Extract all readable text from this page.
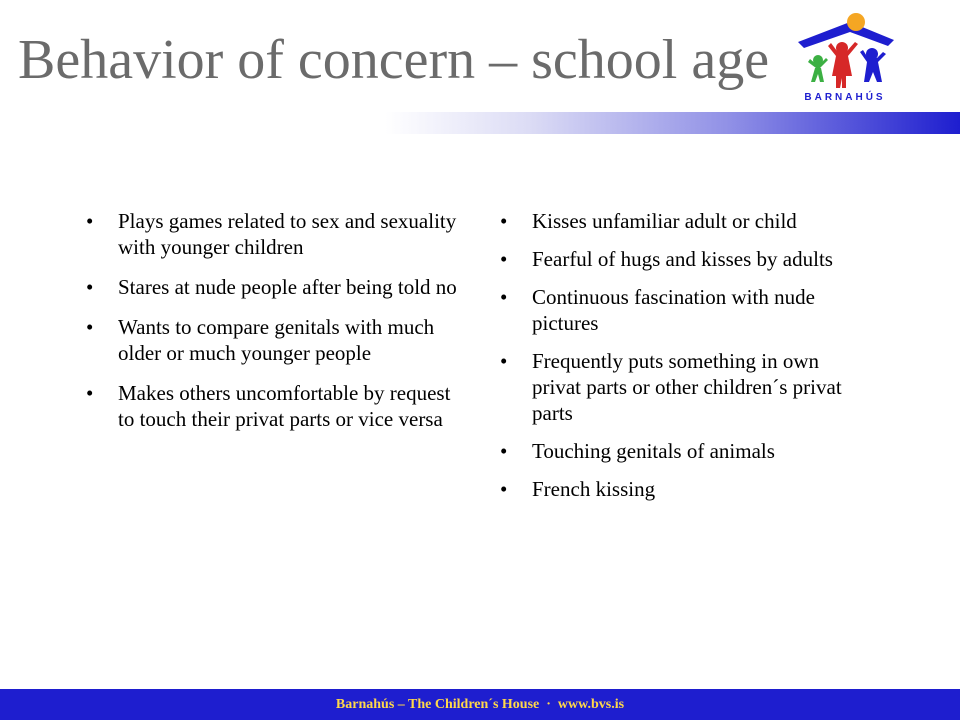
Behavior of concern – school age
BARNAHÚS
• Plays games related to sex and sexuality with younger children
• Stares at nude people after being told no
• Wants to compare genitals with much older or much younger people
• Makes others uncomfortable by request to touch their privat parts or vice versa
• Kisses unfamiliar adult or child
• Fearful of hugs and kisses by adults
• Continuous fascination with nude pictures
• Frequently puts something in own privat parts or other children´s privat parts
• Touching genitals of animals
• French kissing
Barnahús – The Children´s House · www.bvs.is
